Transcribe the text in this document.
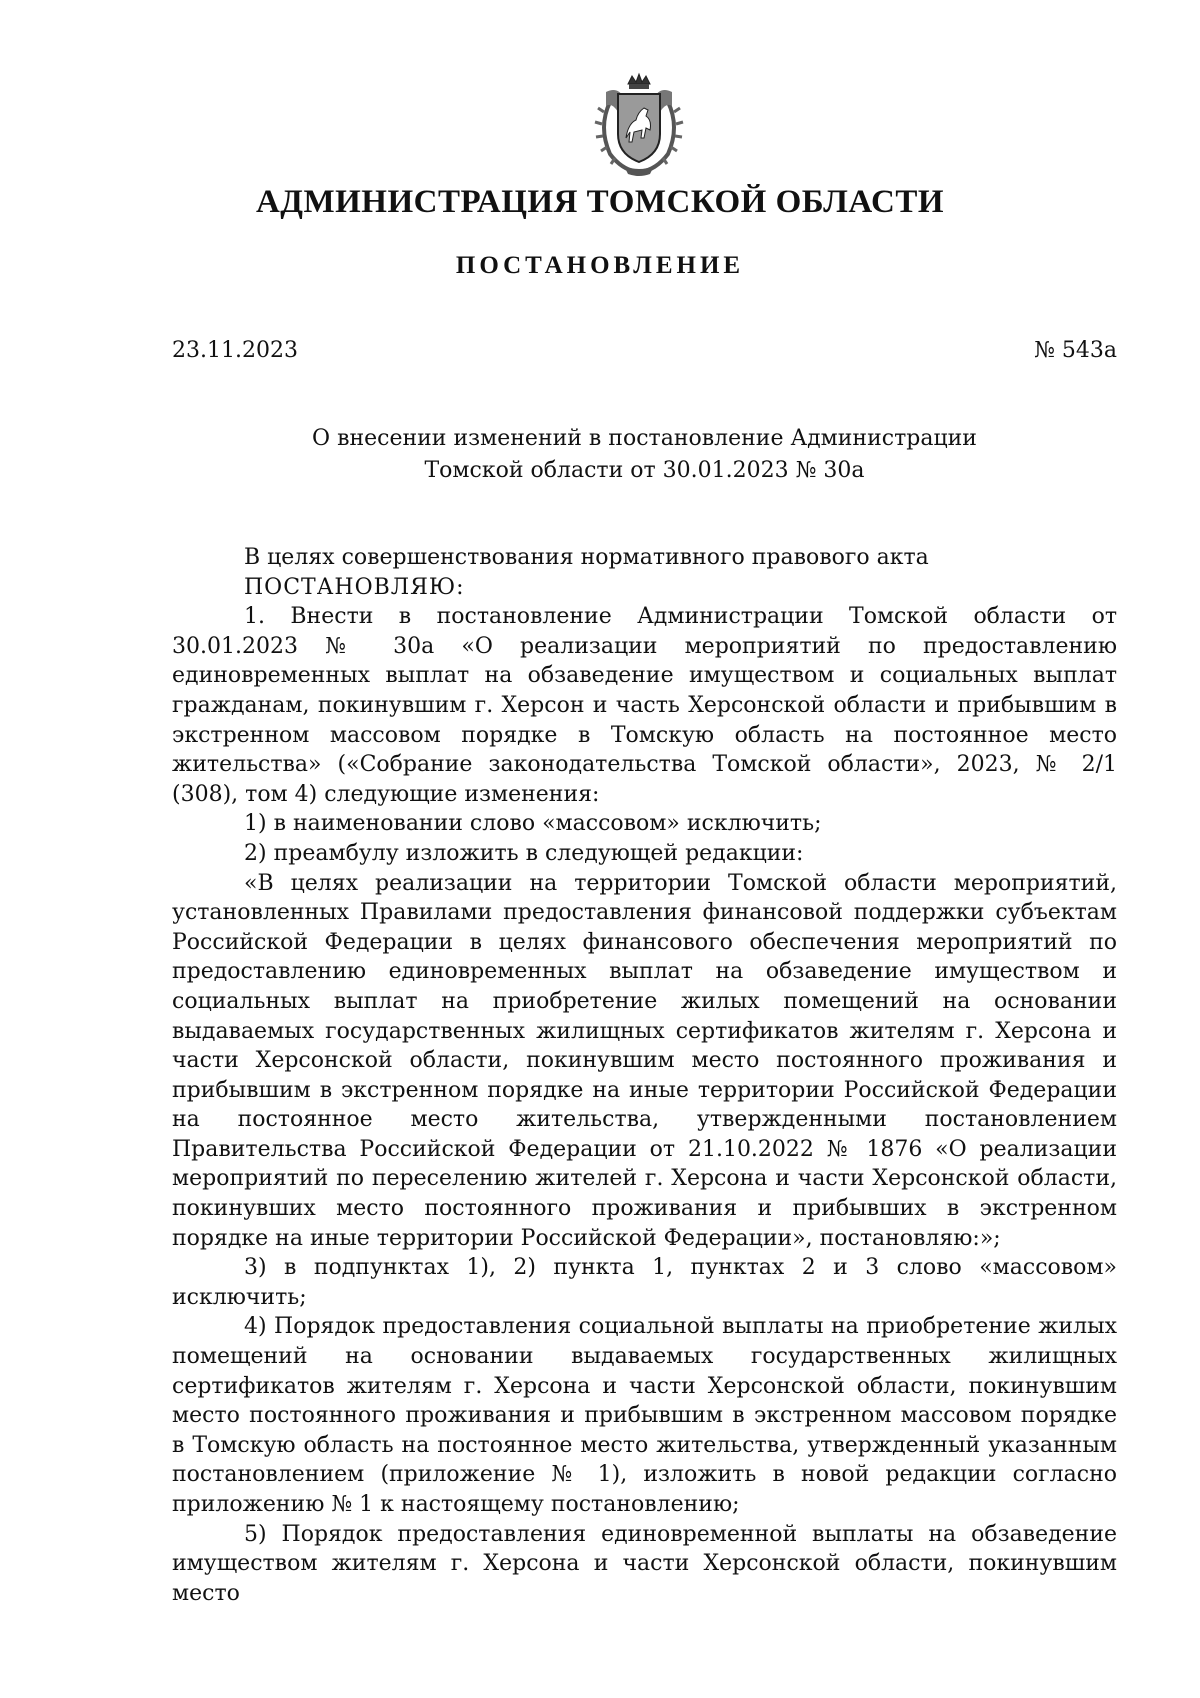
АДМИНИСТРАЦИЯ ТОМСКОЙ ОБЛАСТИ
ПОСТАНОВЛЕНИЕ
23.11.2023	№ 543а
О внесении изменений в постановление Администрации
Томской области от 30.01.2023 № 30а

В целях совершенствования нормативного правового акта

ПОСТАНОВЛЯЮ:

1. Внести в постановление Администрации Томской области от 30.01.2023 № 30а «О реализации мероприятий по предоставлению единовременных выплат на обзаведение имуществом и социальных выплат гражданам, покинувшим г. Херсон и часть Херсонской области и прибывшим в экстренном массовом порядке в Томскую область на постоянное место жительства» («Собрание законодательства Томской области», 2023, № 2/1 (308), том 4) следующие изменения:

1) в наименовании слово «массовом» исключить;

2) преамбулу изложить в следующей редакции:

«В целях реализации на территории Томской области мероприятий, установленных Правилами предоставления финансовой поддержки субъектам Российской Федерации в целях финансового обеспечения мероприятий по предоставлению единовременных выплат на обзаведение имуществом и социальных выплат на приобретение жилых помещений на основании выдаваемых государственных жилищных сертификатов жителям г. Херсона и части Херсонской области, покинувшим место постоянного проживания и прибывшим в экстренном порядке на иные территории Российской Федерации на постоянное место жительства, утвержденными постановлением Правительства Российской Федерации от 21.10.2022 № 1876 «О реализации мероприятий по переселению жителей г. Херсона и части Херсонской области, покинувших место постоянного проживания и прибывших в экстренном порядке на иные территории Российской Федерации», постановляю:»;

3) в подпунктах 1), 2) пункта 1, пунктах 2 и 3 слово «массовом» исключить;

4) Порядок предоставления социальной выплаты на приобретение жилых помещений на основании выдаваемых государственных жилищных сертификатов жителям г. Херсона и части Херсонской области, покинувшим место постоянного проживания и прибывшим в экстренном массовом порядке в Томскую область на постоянное место жительства, утвержденный указанным постановлением (приложение № 1), изложить в новой редакции согласно приложению № 1 к настоящему постановлению;

5) Порядок предоставления единовременной выплаты на обзаведение имуществом жителям г. Херсона и части Херсонской области, покинувшим место
